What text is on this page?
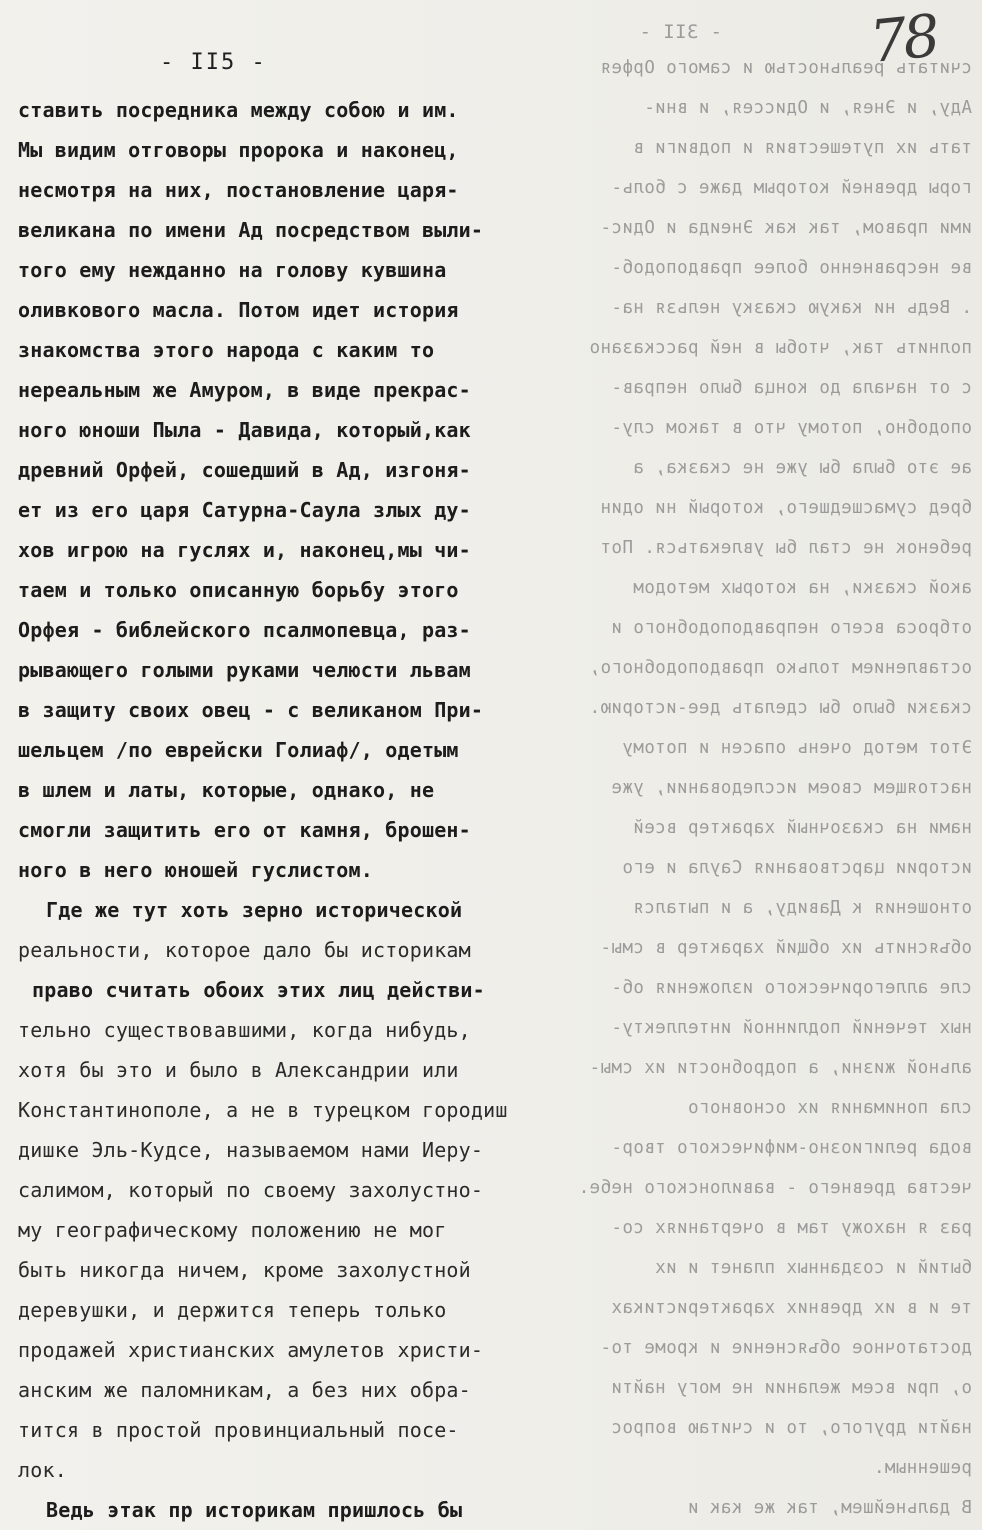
- 3II -
считать реальностью и самого Орфея
Аду, и Энея, и Одиссея, и вни-
тать их путешествия и подвиги в
горы древней которым даже с боль-
ими правом, так как Энеида и Одис-
ве несравненно более правдоподоб-
. Ведь ни какую сказку нельзя на-
полнить так, чтобы в ней рассказано
с от начала до конца было неправ-
оподобно, потому что в таком слу-
ае это была бы уже не сказка, а
бред сумасшедшего, который ни один
ребенок не стал бы увлекаться. Пот
акой сказки, на которых методом
отброса всего неправдоподобного и
оставлением только правдоподобного,
сказки было бы сделать дее-историю.
Этот метод очень опасен и потому
настоящем своем исследовании, уже
нами на сказочный характер всей
истории царствования Саула и его
отношения к Давиду, а и пытался
объяснить их общий характер в смы-
сле аллегорического изложения об-
ных течений подлинной интеллекту-
альной жизни, а подробности их смы-
сла понимания их основного
вода религиозно-мифического твор-
чества древнего - вавилонского небе.
раз я нахожу там в очертаниях со-
бытий и созданных планет и их
те и в их древних характеристиках
достаточное объяснение и кроме то-
о, при всем желании не могу найти
найти другого, то и считаю вопрос
решенным.
В дальнейшем, так же как и
78
- II5 -
ставить посредника между собою и им.
Мы видим отговоры пророка и наконец,
несмотря на них, постановление царя-
великана по имени Ад посредством выли-
того ему нежданно на голову кувшина
оливкового масла. Потом идет история
знакомства этого народа с каким то
нереальным же Амуром, в виде прекрас-
ного юноши Пыла - Давида, который,как
древний Орфей, сошедший в Ад, изгоня-
ет из его царя Сатурна-Саула злых ду-
хов игрою на гуслях и, наконец,мы чи-
таем и только описанную борьбу этого
Орфея - библейского псалмопевца, раз-
рывающего голыми руками челюсти львам
в защиту своих овец - с великаном При-
шельцем /по еврейски Голиаф/, одетым
в шлем и латы, которые, однако, не
смогли защитить его от камня, брошен-
ного в него юношей гуслистом.
Где же тут хоть зерно исторической
реальности, которое дало бы историкам
право считать обоих этих лиц действи-
тельно существовавшими, когда нибудь,
хотя бы это и было в Александрии или
Константинополе, а не в турецком городиш
дишке Эль-Кудсе, называемом нами Иеру-
салимом, который по своему захолустно-
му географическому положению не мог
быть никогда ничем, кроме захолустной
деревушки, и держится теперь только
продажей христианских амулетов христи-
анским же паломникам, а без них обра-
тится в простой провинциальный посе-
лок.
Ведь этак пр историкам пришлось бы
